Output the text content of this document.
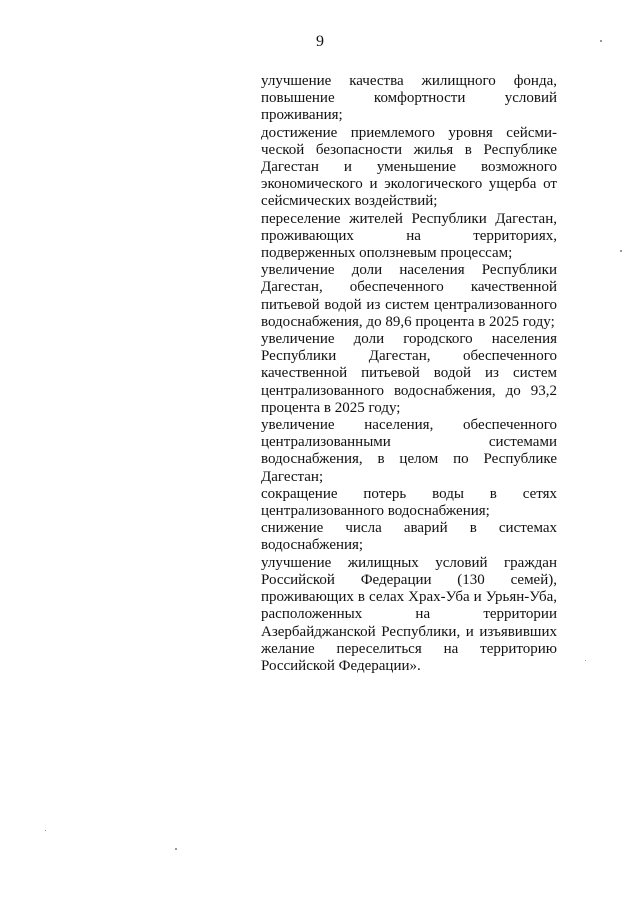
9

улучшение качества жилищного фонда, повышение комфортности условий проживания;

достижение приемлемого уровня сейсми-ческой безопасности жилья в Республике Дагестан и уменьшение возможного экономического и экологического ущерба от сейсмических воздействий;

переселение жителей Республики Дагестан, проживающих на территориях, подверженных оползневым процессам;

увеличение доли населения Республики Дагестан, обеспеченного качественной питьевой водой из систем централизованного водоснабжения, до 89,6 процента в 2025 году;

увеличение доли городского населения Республики Дагестан, обеспеченного качественной питьевой водой из систем централизованного водоснабжения, до 93,2 процента в 2025 году;

увеличение населения, обеспеченного централизованными системами водоснабжения, в целом по Республике Дагестан;

сокращение потерь воды в сетях централизованного водоснабжения;

снижение числа аварий в системах водоснабжения;

улучшение жилищных условий граждан Российской Федерации (130 семей), проживающих в селах Храх-Уба и Урьян-Уба, расположенных на территории Азербайджанской Республики, и изъявивших желание переселиться на территорию Российской Федерации».
